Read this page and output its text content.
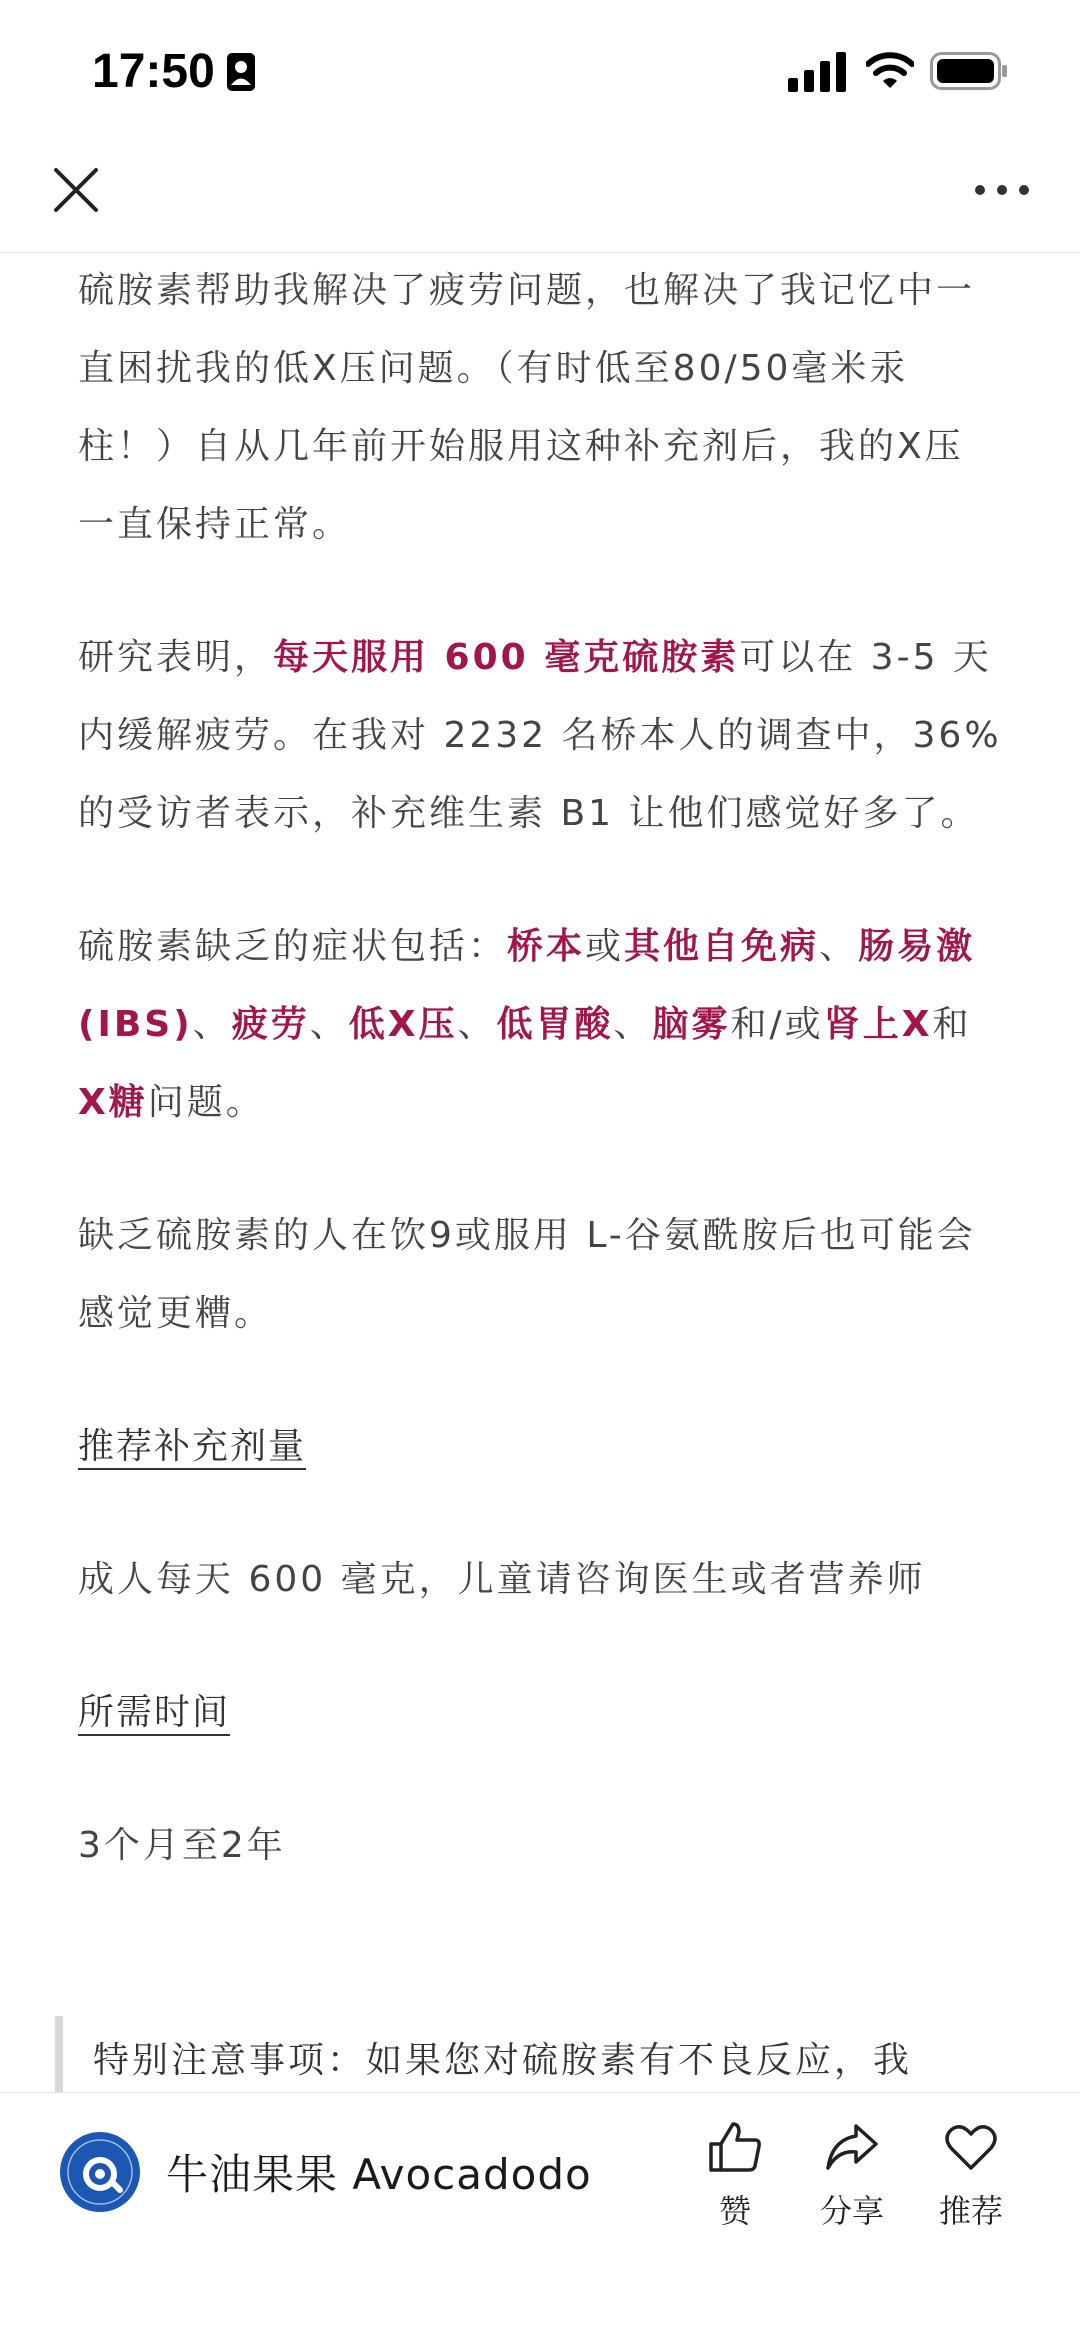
17:50

硫胺素帮助我解决了疲劳问题，也解决了我记忆中一直困扰我的低X压问题。（有时低至80/50毫米汞柱！）自从几年前开始服用这种补充剂后，我的X压一直保持正常。

研究表明，每天服用 600 毫克硫胺素可以在 3-5 天内缓解疲劳。在我对 2232 名桥本人的调查中，36% 的受访者表示，补充维生素 B1 让他们感觉好多了。

硫胺素缺乏的症状包括：桥本或其他自免病、肠易激 (IBS)、疲劳、低X压、低胃酸、脑雾和/或肾上X和X糖问题。

缺乏硫胺素的人在饮9或服用 L-谷氨酰胺后也可能会感觉更糟。

推荐补充剂量

成人每天 600 毫克，儿童请咨询医生或者营养师

所需时间

3个月至2年

特别注意事项：如果您对硫胺素有不良反应，我
牛油果果 Avocadodo
赞	分享	推荐
